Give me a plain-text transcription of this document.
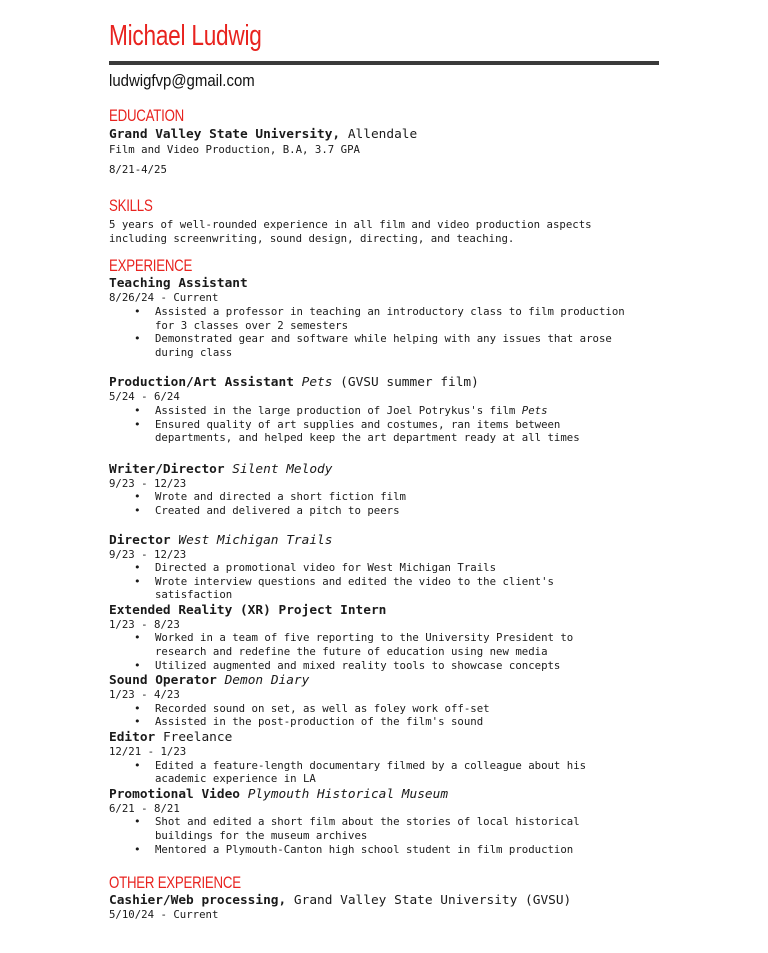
Michael Ludwig
ludwigfvp@gmail.com
EDUCATION
Grand Valley State University, Allendale
Film and Video Production, B.A, 3.7 GPA
8/21-4/25
SKILLS
5 years of well-rounded experience in all film and video production aspects
including screenwriting, sound design, directing, and teaching.
EXPERIENCE
Teaching Assistant
8/26/24 - Current
• Assisted a professor in teaching an introductory class to film production
for 3 classes over 2 semesters
• Demonstrated gear and software while helping with any issues that arose
during class
Production/Art Assistant Pets (GVSU summer film)
5/24 - 6/24
• Assisted in the large production of Joel Potrykus's film Pets
• Ensured quality of art supplies and costumes, ran items between
departments, and helped keep the art department ready at all times
Writer/Director Silent Melody
9/23 - 12/23
• Wrote and directed a short fiction film
• Created and delivered a pitch to peers
Director West Michigan Trails
9/23 - 12/23
• Directed a promotional video for West Michigan Trails
• Wrote interview questions and edited the video to the client's
satisfaction
Extended Reality (XR) Project Intern
1/23 - 8/23
• Worked in a team of five reporting to the University President to
research and redefine the future of education using new media
• Utilized augmented and mixed reality tools to showcase concepts
Sound Operator Demon Diary
1/23 - 4/23
• Recorded sound on set, as well as foley work off-set
• Assisted in the post-production of the film's sound
Editor Freelance
12/21 - 1/23
• Edited a feature-length documentary filmed by a colleague about his
academic experience in LA
Promotional Video Plymouth Historical Museum
6/21 - 8/21
• Shot and edited a short film about the stories of local historical
buildings for the museum archives
• Mentored a Plymouth-Canton high school student in film production
OTHER EXPERIENCE
Cashier/Web processing, Grand Valley State University (GVSU)
5/10/24 - Current
